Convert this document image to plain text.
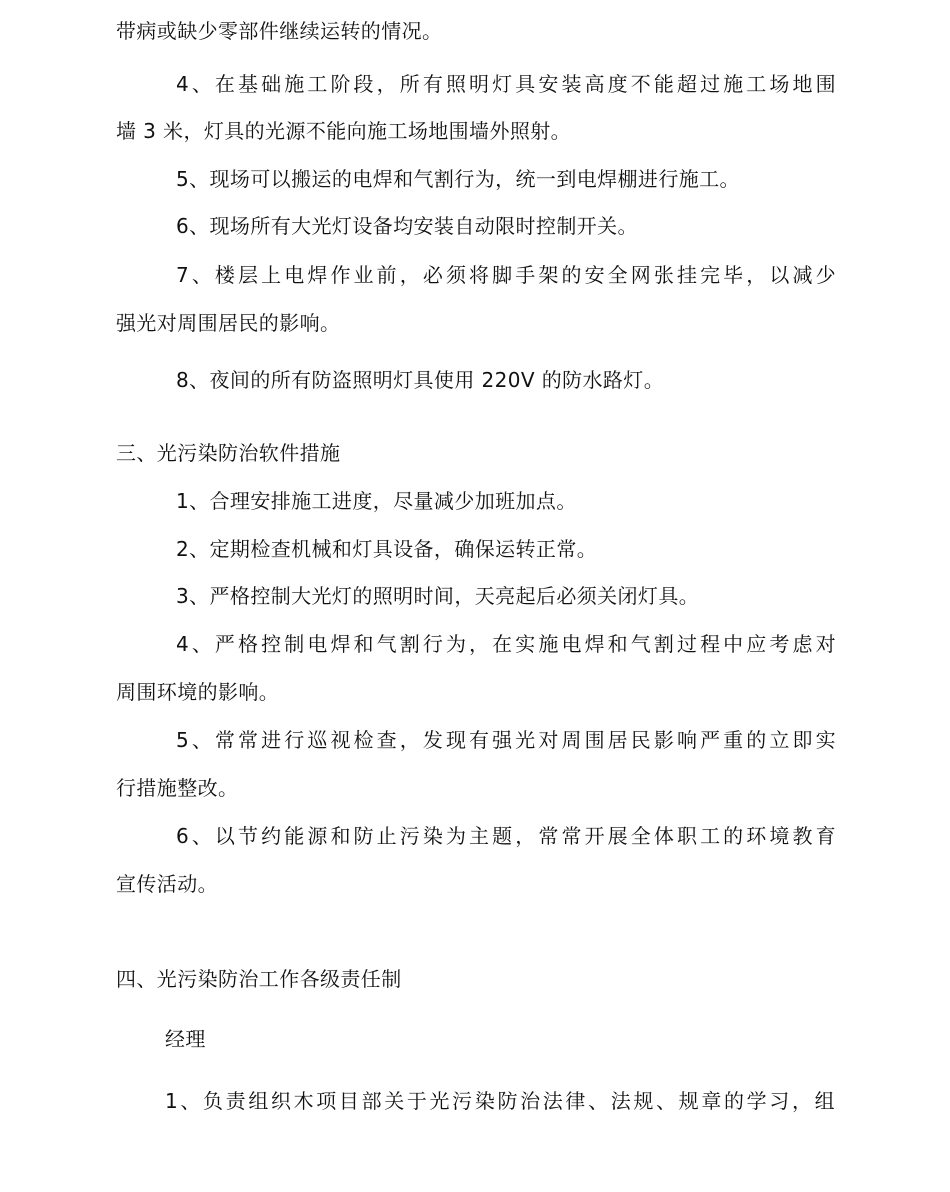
带病或缺少零部件继续运转的情况。
4、在基础施工阶段，所有照明灯具安装高度不能超过施工场地围
墙 3 米，灯具的光源不能向施工场地围墙外照射。
5、现场可以搬运的电焊和气割行为，统一到电焊棚进行施工。
6、现场所有大光灯设备均安装自动限时控制开关。
7、楼层上电焊作业前，必须将脚手架的安全网张挂完毕，以减少
强光对周围居民的影响。
8、夜间的所有防盗照明灯具使用 220V 的防水路灯。
三、光污染防治软件措施
1、合理安排施工进度，尽量减少加班加点。
2、定期检查机械和灯具设备，确保运转正常。
3、严格控制大光灯的照明时间，天亮起后必须关闭灯具。
4、严格控制电焊和气割行为，在实施电焊和气割过程中应考虑对
周围环境的影响。
5、常常进行巡视检查，发现有强光对周围居民影响严重的立即实
行措施整改。
6、以节约能源和防止污染为主题，常常开展全体职工的环境教育
宣传活动。
四、光污染防治工作各级责任制
经理
1、负责组织木项目部关于光污染防治法律、法规、规章的学习，组
